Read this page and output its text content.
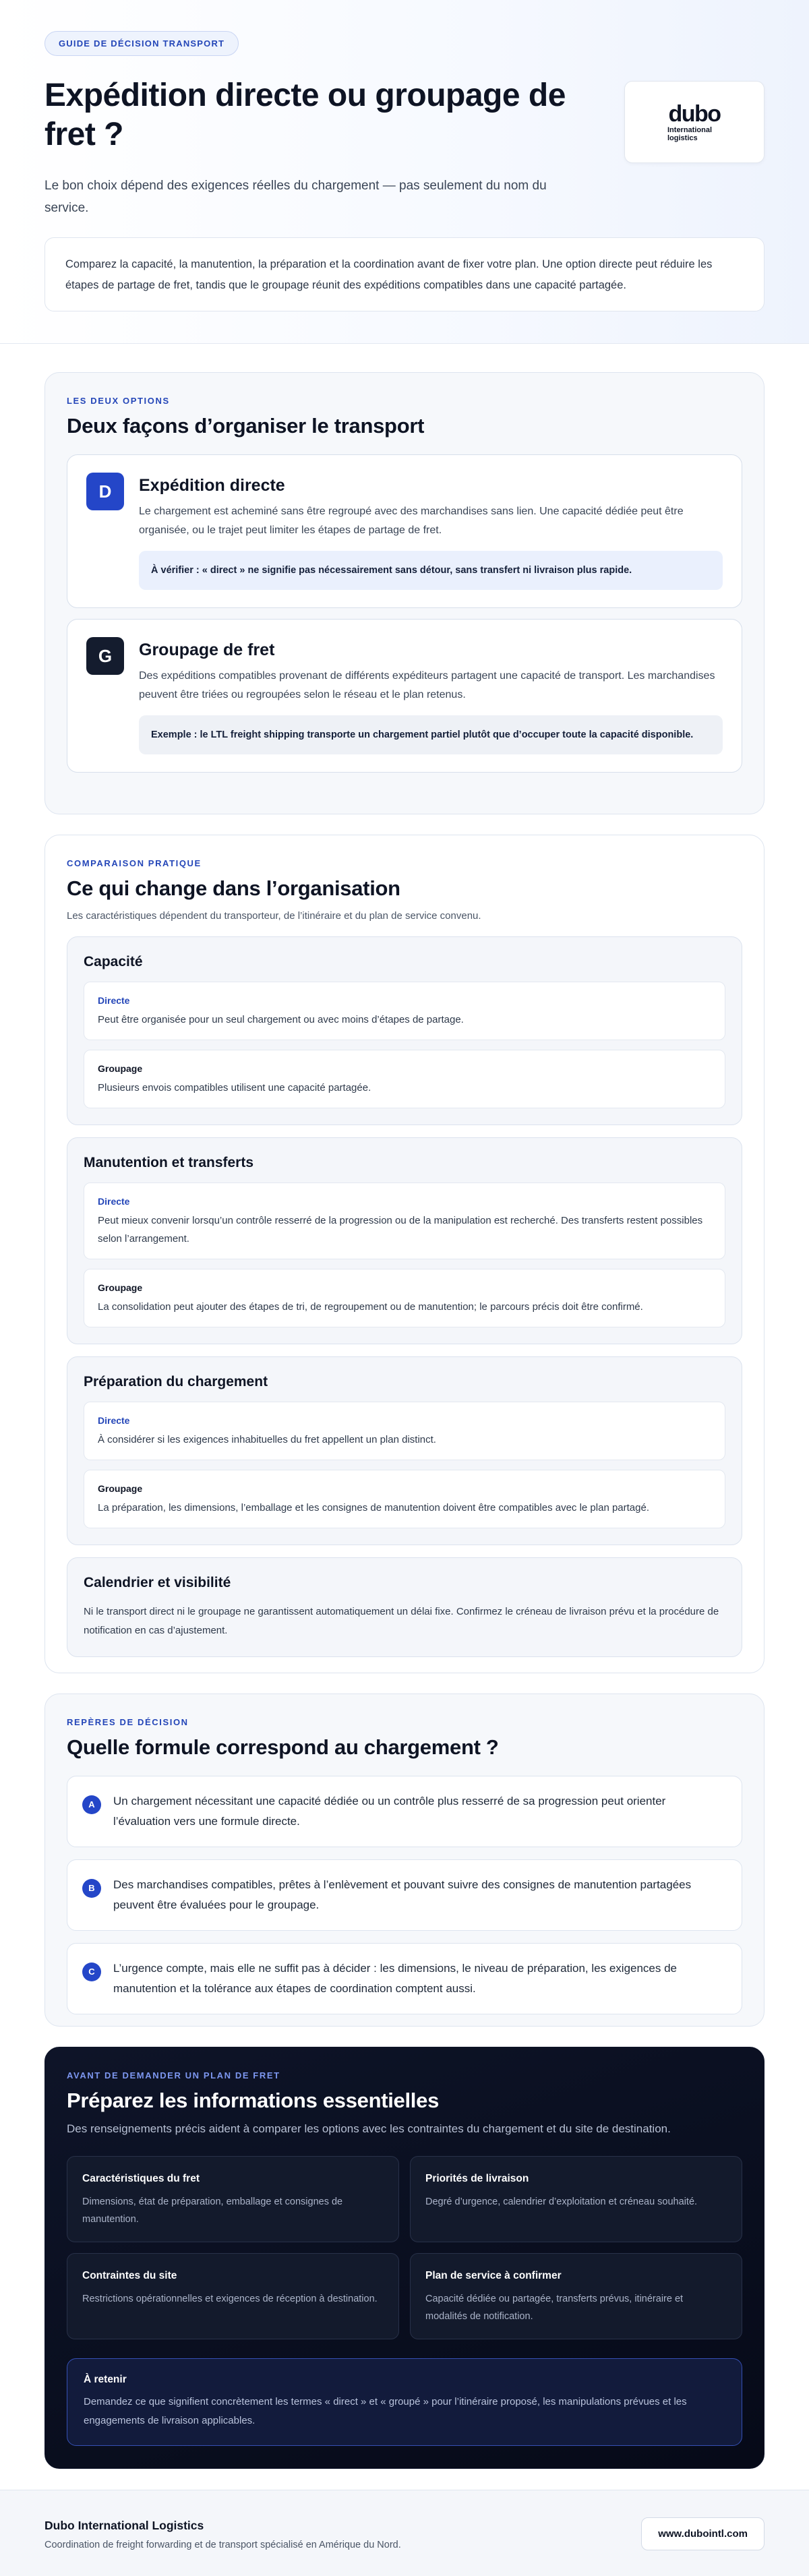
GUIDE DE DÉCISION TRANSPORT
Expédition directe ou groupage de fret ?

Le bon choix dépend des exigences réelles du chargement — pas seulement du nom du service.

dubo
International
logistics

Comparez la capacité, la manutention, la préparation et la coordination avant de fixer votre plan. Une option directe peut réduire les étapes de partage de fret, tandis que le groupage réunit des expéditions compatibles dans une capacité partagée.

LES DEUX OPTIONS
Deux façons d’organiser le transport
D	Expédition directe

Le chargement est acheminé sans être regroupé avec des marchandises sans lien. Une capacité dédiée peut être organisée, ou le trajet peut limiter les étapes de partage de fret.

À vérifier : « direct » ne signifie pas nécessairement sans détour, sans transfert ni livraison plus rapide.
G	Groupage de fret

Des expéditions compatibles provenant de différents expéditeurs partagent une capacité de transport. Les marchandises peuvent être triées ou regroupées selon le réseau et le plan retenus.

Exemple : le LTL freight shipping transporte un chargement partiel plutôt que d’occuper toute la capacité disponible.
COMPARAISON PRATIQUE
Ce qui change dans l’organisation

Les caractéristiques dépendent du transporteur, de l’itinéraire et du plan de service convenu.

Capacité
Directe
Peut être organisée pour un seul chargement ou avec moins d’étapes de partage.
Groupage
Plusieurs envois compatibles utilisent une capacité partagée.
Manutention et transferts
Directe
Peut mieux convenir lorsqu’un contrôle resserré de la progression ou de la manipulation est recherché. Des transferts restent possibles selon l’arrangement.
Groupage
La consolidation peut ajouter des étapes de tri, de regroupement ou de manutention; le parcours précis doit être confirmé.
Préparation du chargement
Directe
À considérer si les exigences inhabituelles du fret appellent un plan distinct.
Groupage
La préparation, les dimensions, l’emballage et les consignes de manutention doivent être compatibles avec le plan partagé.
Calendrier et visibilité

Ni le transport direct ni le groupage ne garantissent automatiquement un délai fixe. Confirmez le créneau de livraison prévu et la procédure de notification en cas d’ajustement.

REPÈRES DE DÉCISION
Quelle formule correspond au chargement ?
A	Un chargement nécessitant une capacité dédiée ou un contrôle plus resserré de sa progression peut orienter l’évaluation vers une formule directe.
B	Des marchandises compatibles, prêtes à l’enlèvement et pouvant suivre des consignes de manutention partagées peuvent être évaluées pour le groupage.
C	L’urgence compte, mais elle ne suffit pas à décider : les dimensions, le niveau de préparation, les exigences de manutention et la tolérance aux étapes de coordination comptent aussi.
AVANT DE DEMANDER UN PLAN DE FRET
Préparez les informations essentielles

Des renseignements précis aident à comparer les options avec les contraintes du chargement et du site de destination.

Caractéristiques du fret

Dimensions, état de préparation, emballage et consignes de manutention.

Priorités de livraison

Degré d’urgence, calendrier d’exploitation et créneau souhaité.

Contraintes du site

Restrictions opérationnelles et exigences de réception à destination.

Plan de service à confirmer

Capacité dédiée ou partagée, transferts prévus, itinéraire et modalités de notification.

À retenir

Demandez ce que signifient concrètement les termes « direct » et « groupé » pour l’itinéraire proposé, les manipulations prévues et les engagements de livraison applicables.

Dubo International Logistics
Coordination de freight forwarding et de transport spécialisé en Amérique du Nord.
www.dubointl.com
